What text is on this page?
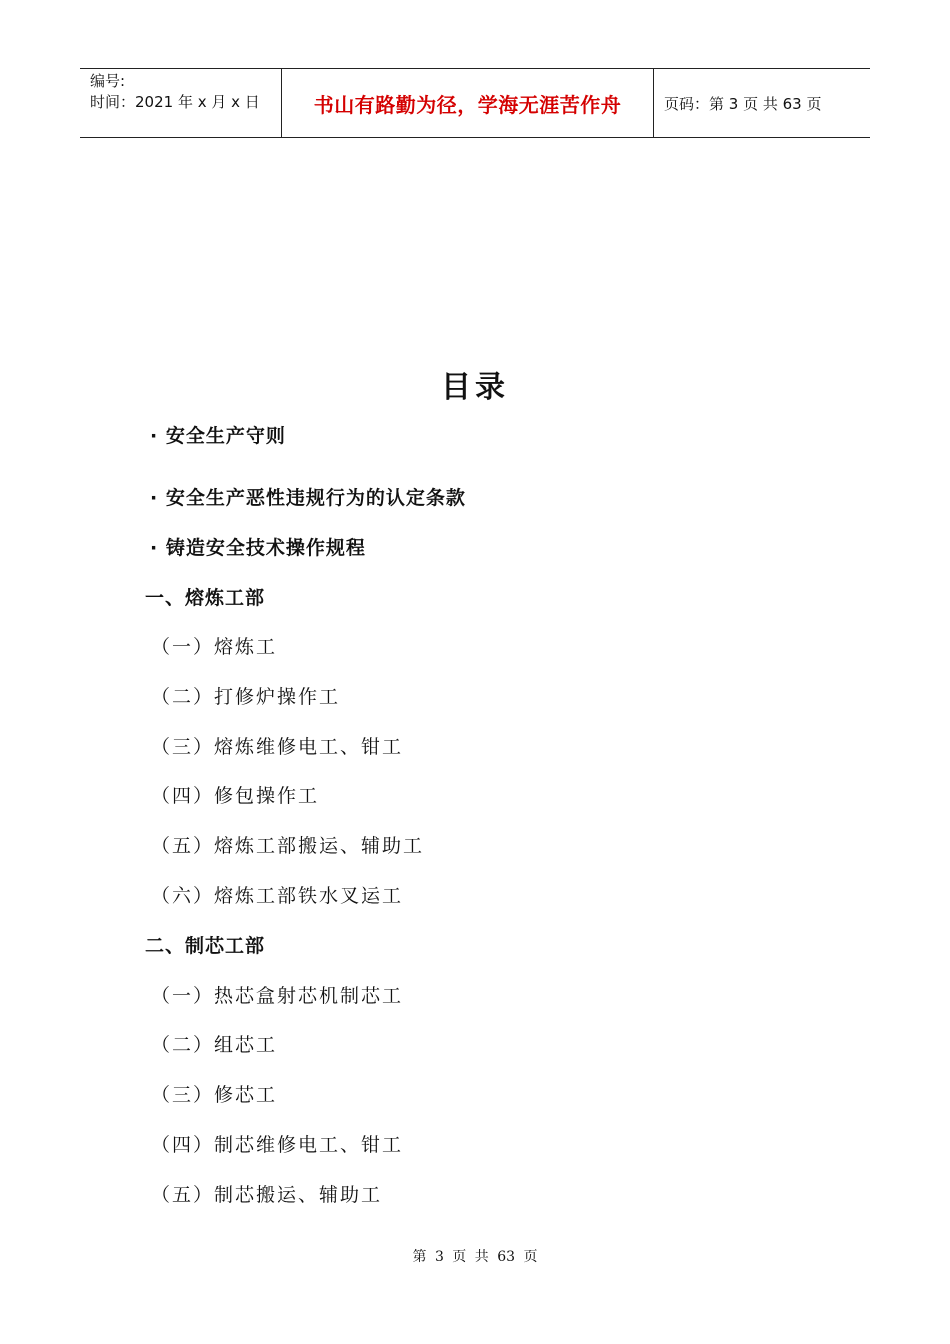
编号:
时间：2021 年 x 月 x 日	书山有路勤为径，学海无涯苦作舟	页码：第 3 页 共 63 页
目录
· 安全生产守则
· 安全生产恶性违规行为的认定条款
· 铸造安全技术操作规程
一、熔炼工部
（一）熔炼工
（二）打修炉操作工
（三）熔炼维修电工、钳工
（四）修包操作工
（五）熔炼工部搬运、辅助工
（六）熔炼工部铁水叉运工
二、制芯工部
（一）热芯盒射芯机制芯工
（二）组芯工
（三）修芯工
（四）制芯维修电工、钳工
（五）制芯搬运、辅助工
第 3 页 共 63 页
